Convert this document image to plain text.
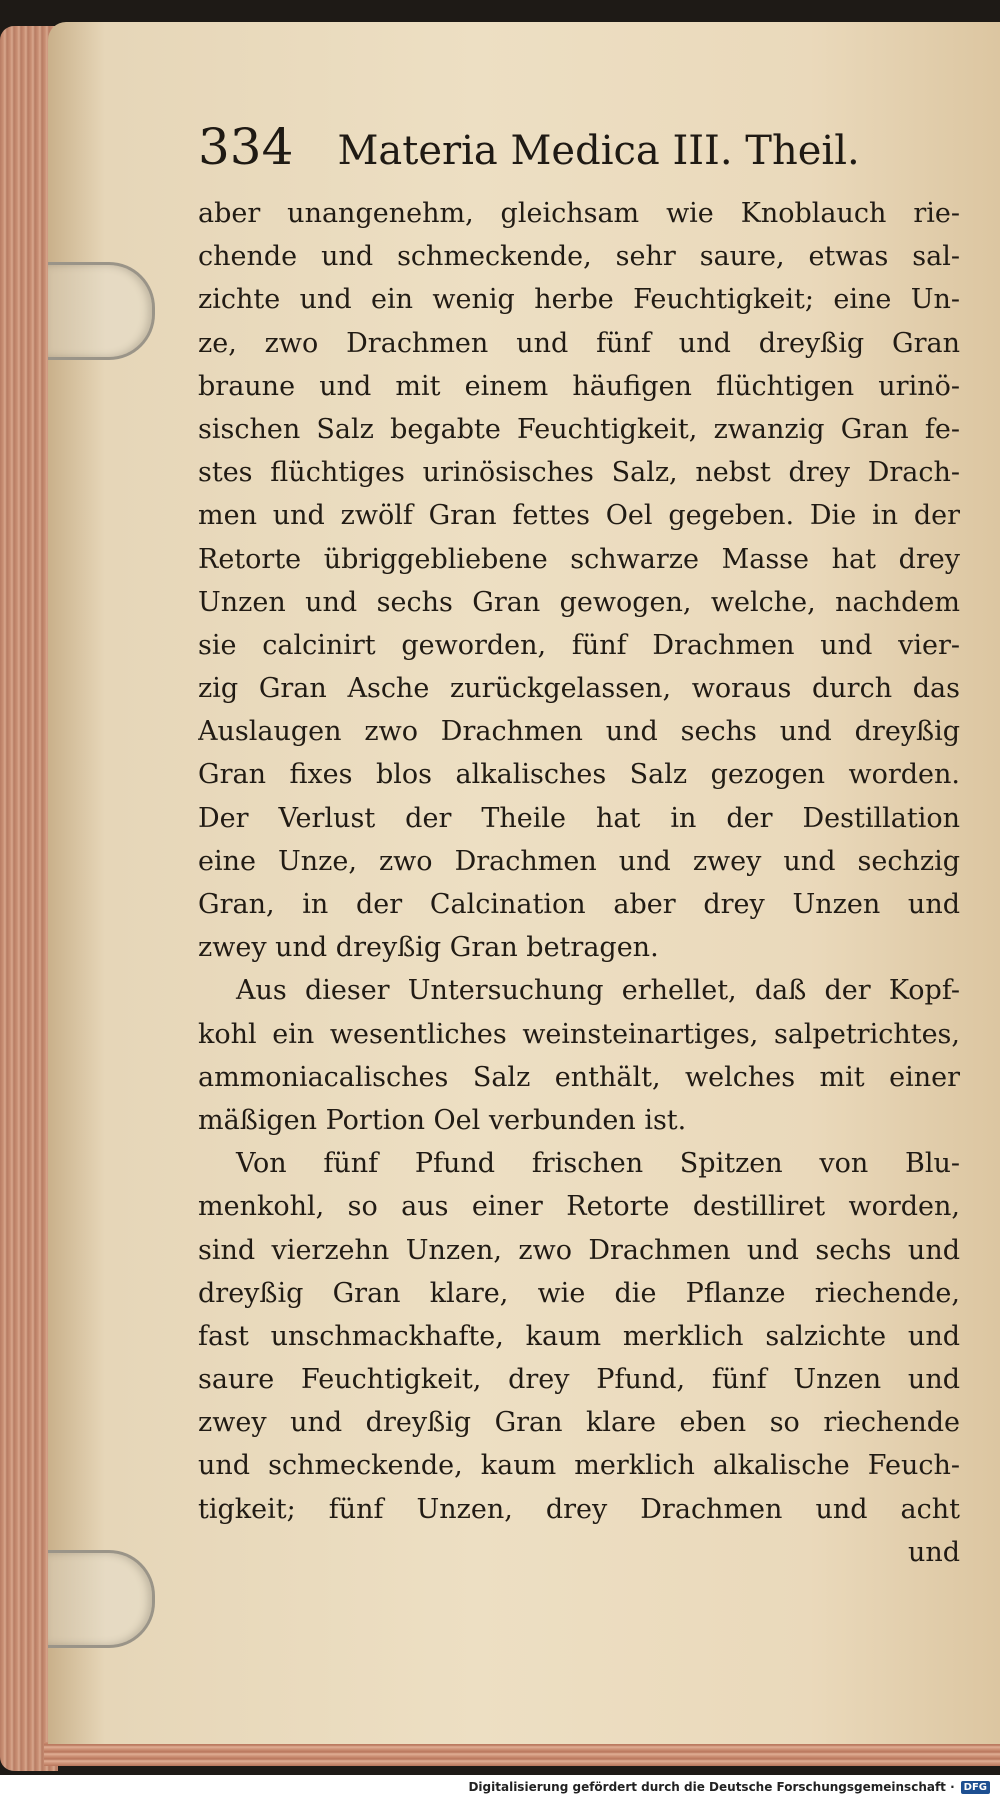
334 Materia Medica III. Theil.
aber unangenehm, gleichsam wie Knoblauch rie-
chende und schmeckende, sehr saure, etwas sal-
zichte und ein wenig herbe Feuchtigkeit; eine Un-
ze, zwo Drachmen und fünf und dreyßig Gran
braune und mit einem häufigen flüchtigen urinö-
sischen Salz begabte Feuchtigkeit, zwanzig Gran fe-
stes flüchtiges urinösisches Salz, nebst drey Drach-
men und zwölf Gran fettes Oel gegeben. Die in der
Retorte übriggebliebene schwarze Masse hat drey
Unzen und sechs Gran gewogen, welche, nachdem
sie calcinirt geworden, fünf Drachmen und vier-
zig Gran Asche zurückgelassen, woraus durch das
Auslaugen zwo Drachmen und sechs und dreyßig
Gran fixes blos alkalisches Salz gezogen worden.
Der Verlust der Theile hat in der Destillation
eine Unze, zwo Drachmen und zwey und sechzig
Gran, in der Calcination aber drey Unzen und
zwey und dreyßig Gran betragen.
Aus dieser Untersuchung erhellet, daß der Kopf-
kohl ein wesentliches weinsteinartiges, salpetrichtes,
ammoniacalisches Salz enthält, welches mit einer
mäßigen Portion Oel verbunden ist.
Von fünf Pfund frischen Spitzen von Blu-
menkohl, so aus einer Retorte destilliret worden,
sind vierzehn Unzen, zwo Drachmen und sechs und
dreyßig Gran klare, wie die Pflanze riechende,
fast unschmackhafte, kaum merklich salzichte und
saure Feuchtigkeit, drey Pfund, fünf Unzen und
zwey und dreyßig Gran klare eben so riechende
und schmeckende, kaum merklich alkalische Feuch-
tigkeit; fünf Unzen, drey Drachmen und acht
und
Digitalisierung gefördert durch die Deutsche Forschungsgemeinschaft · DFG
